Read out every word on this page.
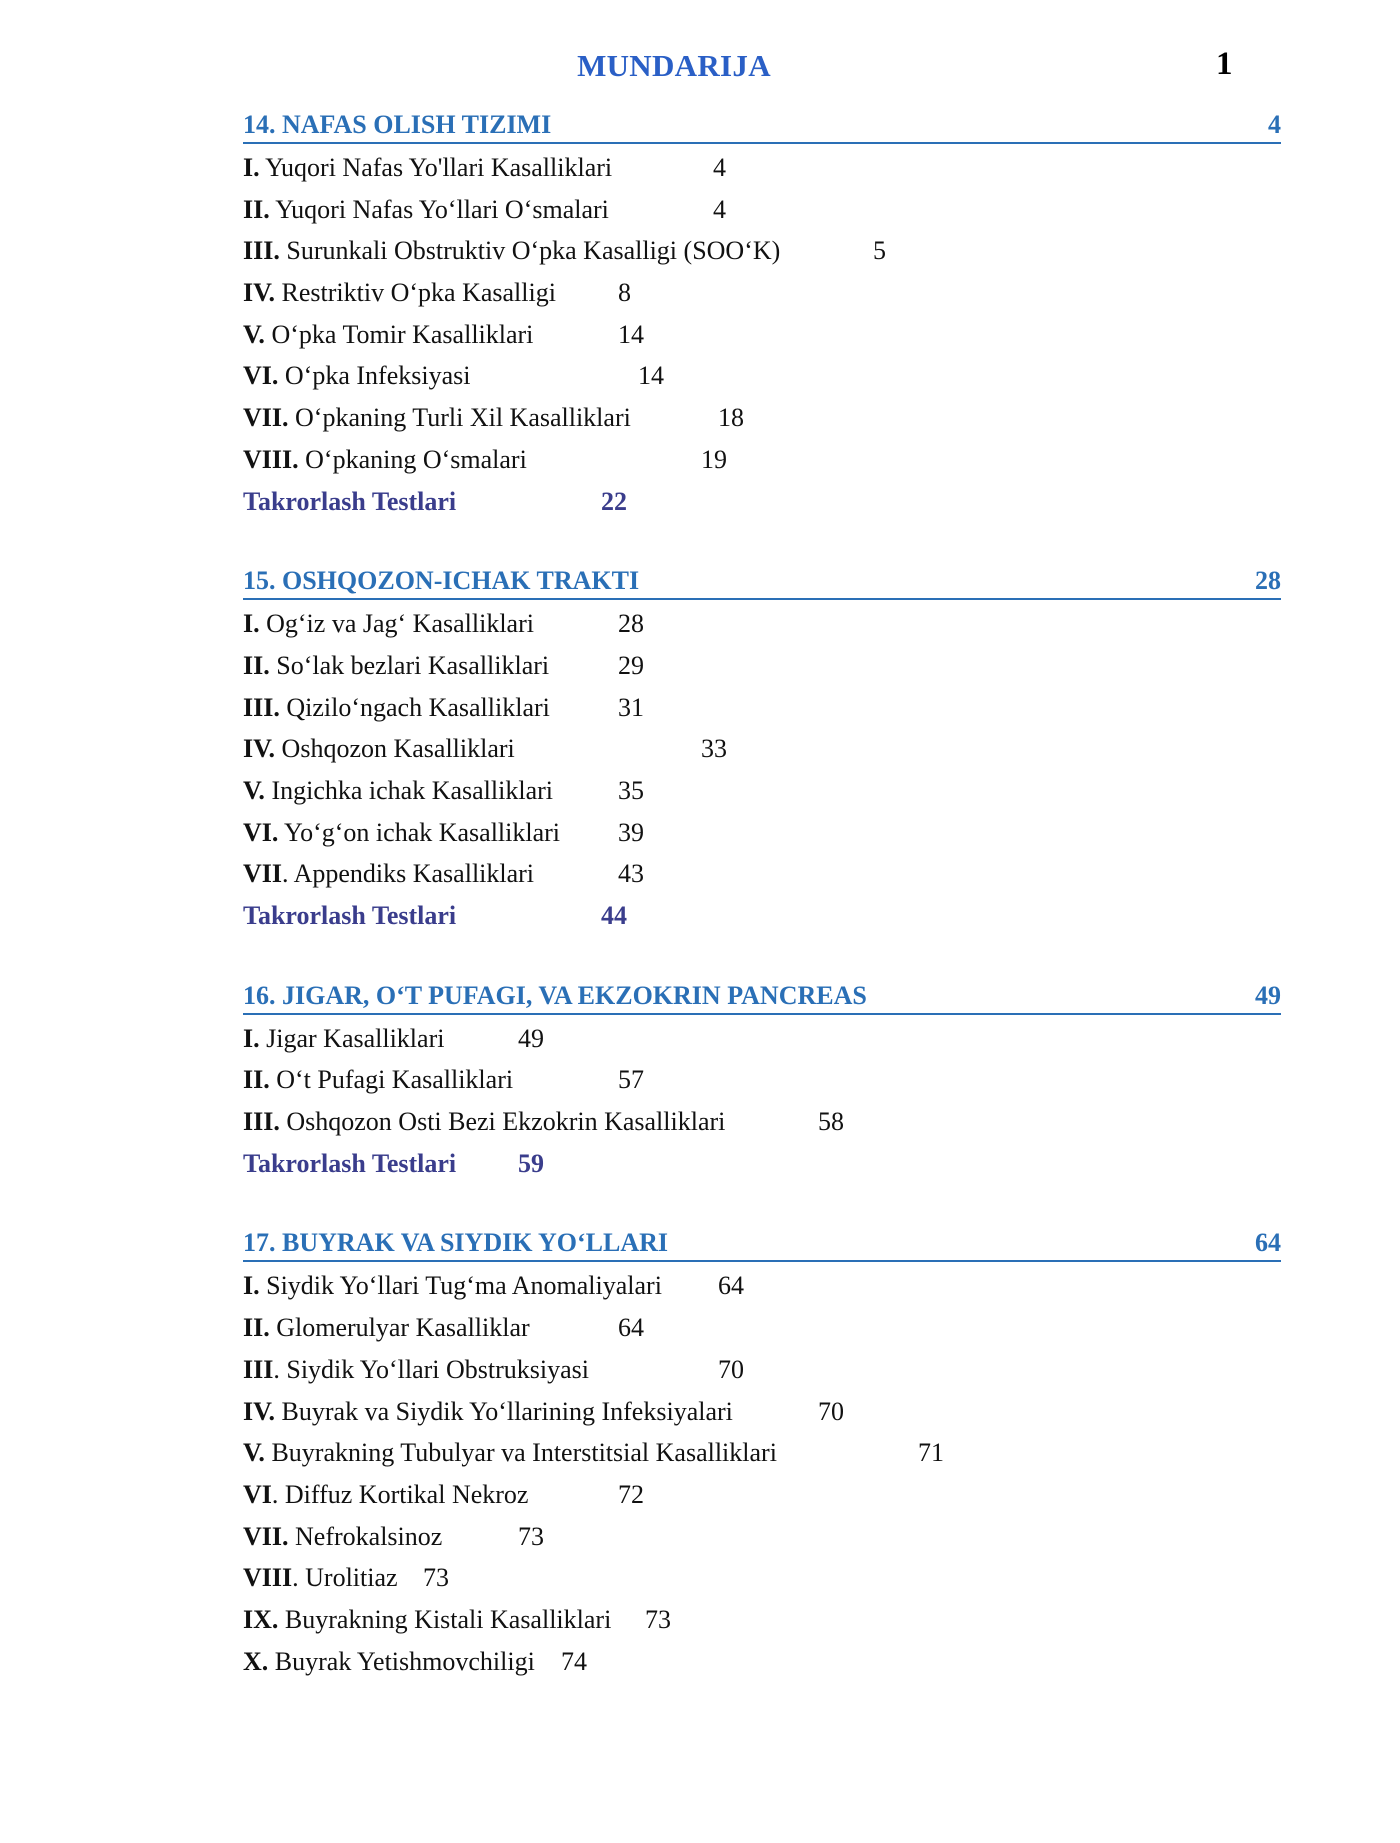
MUNDARIJA	1
14. NAFAS OLISH TIZIMI	4
I. Yuqori Nafas Yo'llari Kasalliklari	4
II. Yuqori Nafas Yo‘llari O‘smalari	4
III. Surunkali Obstruktiv O‘pka Kasalligi (SOO‘K)	5
IV. Restriktiv O‘pka Kasalligi 8
V. O‘pka Tomir Kasalliklari	14
VI. O‘pka Infeksiyasi	14
VII. O‘pkaning Turli Xil Kasalliklari	18
VIII. O‘pkaning O‘smalari	19
Takrorlash Testlari	22
15. OSHQOZON-ICHAK TRAKTI	28
I. Og‘iz va Jag‘ Kasalliklari	28
II. So‘lak bezlari Kasalliklari	29
III. Qizilo‘ngach Kasalliklari	31
IV. Oshqozon Kasalliklari	33
V. Ingichka ichak Kasalliklari	35
VI. Yo‘g‘on ichak Kasalliklari 39
VII. Appendiks Kasalliklari	43
Takrorlash Testlari	44
16. JIGAR, O‘T PUFAGI, VA EKZOKRIN PANCREAS	49
I. Jigar Kasalliklari	49
II. O‘t Pufagi Kasalliklari	57
III. Oshqozon Osti Bezi Ekzokrin Kasalliklari	58
Takrorlash Testlari 59
17. BUYRAK VA SIYDIK YO‘LLARI	64
I. Siydik Yo‘llari Tug‘ma Anomaliyalari 64
II. Glomerulyar Kasalliklar	64
III. Siydik Yo‘llari Obstruksiyasi	70
IV. Buyrak va Siydik Yo‘llarining Infeksiyalari	70
V. Buyrakning Tubulyar va Interstitsial Kasalliklari	71
VI. Diffuz Kortikal Nekroz	72
VII. Nefrokalsinoz	73
VIII. Urolitiaz 73
IX. Buyrakning Kistali Kasalliklari 73
X. Buyrak Yetishmovchiligi 74
